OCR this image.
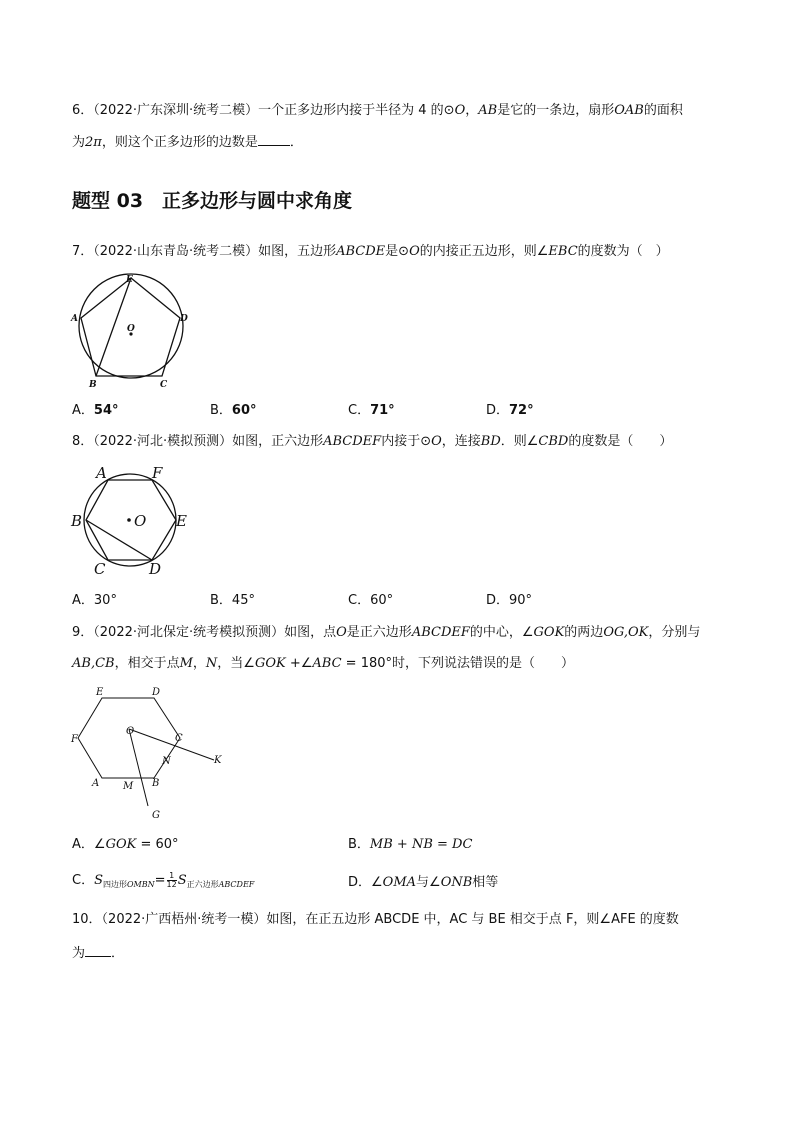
6．（2022·广东深圳·统考二模）一个正多边形内接于半径为 4 的⊙O，AB是它的一条边，扇形OAB的面积
为2π，则这个正多边形的边数是 ．
题型 03　正多边形与圆中求角度
7．（2022·山东青岛·统考二模）如图，五边形ABCDE是⊙O的内接正五边形，则∠EBC的度数为（　）
E
A	D
B	C
O
A．54°	B．60°	C．71°	D．72°
8．（2022·河北·模拟预测）如图，正六边形ABCDEF内接于⊙O，连接BD．则∠CBD的度数是（　　）
A	F
B	O E
C	D
A．30°	B．45°	C．60°	D．90°
9．（2022·河北保定·统考模拟预测）如图，点O是正六边形ABCDEF的中心，∠GOK的两边OG,OK，分别与
AB,CB，相交于点M，N，当∠GOK +∠ABC = 180°时，下列说法错误的是（　　）
E	D
F
O
C
K
N
A M B
G
A．∠GOK = 60°	B．MB + NB = DC
C．$S_{四边形OMBN}= \frac{1}{12} S_{正六边形ABCDEF}$	D．∠OMA与∠ONB相等
10．（2022·广西梧州·统考一模）如图，在正五边形 ABCDE 中，AC 与 BE 相交于点 F，则∠AFE 的度数
为 ．
